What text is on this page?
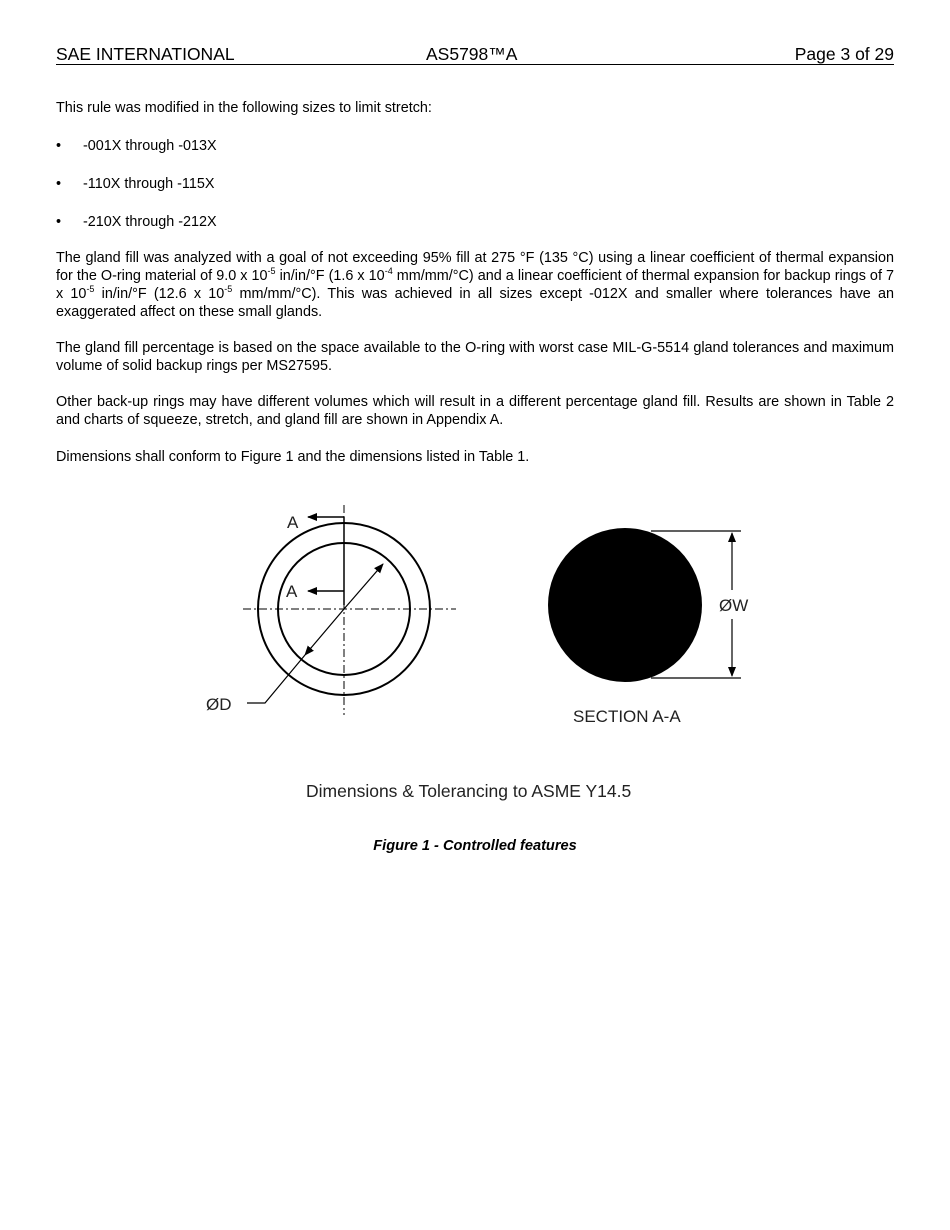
SAE INTERNATIONAL	AS5798™A	Page 3 of 29
This rule was modified in the following sizes to limit stretch:
• -001X through -013X
• -110X through -115X
• -210X through -212X
The gland fill was analyzed with a goal of not exceeding 95% fill at 275 °F (135 °C) using a linear coefficient of thermal expansion for the O-ring material of 9.0 x $10^{-5}$ in/in/°F (1.6 x $10^{-4}$ mm/mm/°C) and a linear coefficient of thermal expansion for backup rings of 7 x $10^{-5}$ in/in/°F (12.6 x $10^{-5}$ mm/mm/°C). This was achieved in all sizes except -012X and smaller where tolerances have an exaggerated affect on these small glands.
The gland fill percentage is based on the space available to the O-ring with worst case MIL-G-5514 gland tolerances and maximum volume of solid backup rings per MS27595.
Other back-up rings may have different volumes which will result in a different percentage gland fill. Results are shown in Table 2 and charts of squeeze, stretch, and gland fill are shown in Appendix A.
Dimensions shall conform to Figure 1 and the dimensions listed in Table 1.
A
A
ØD
ØW
SECTION A-A
Dimensions & Tolerancing to ASME Y14.5
Figure 1 - Controlled features
